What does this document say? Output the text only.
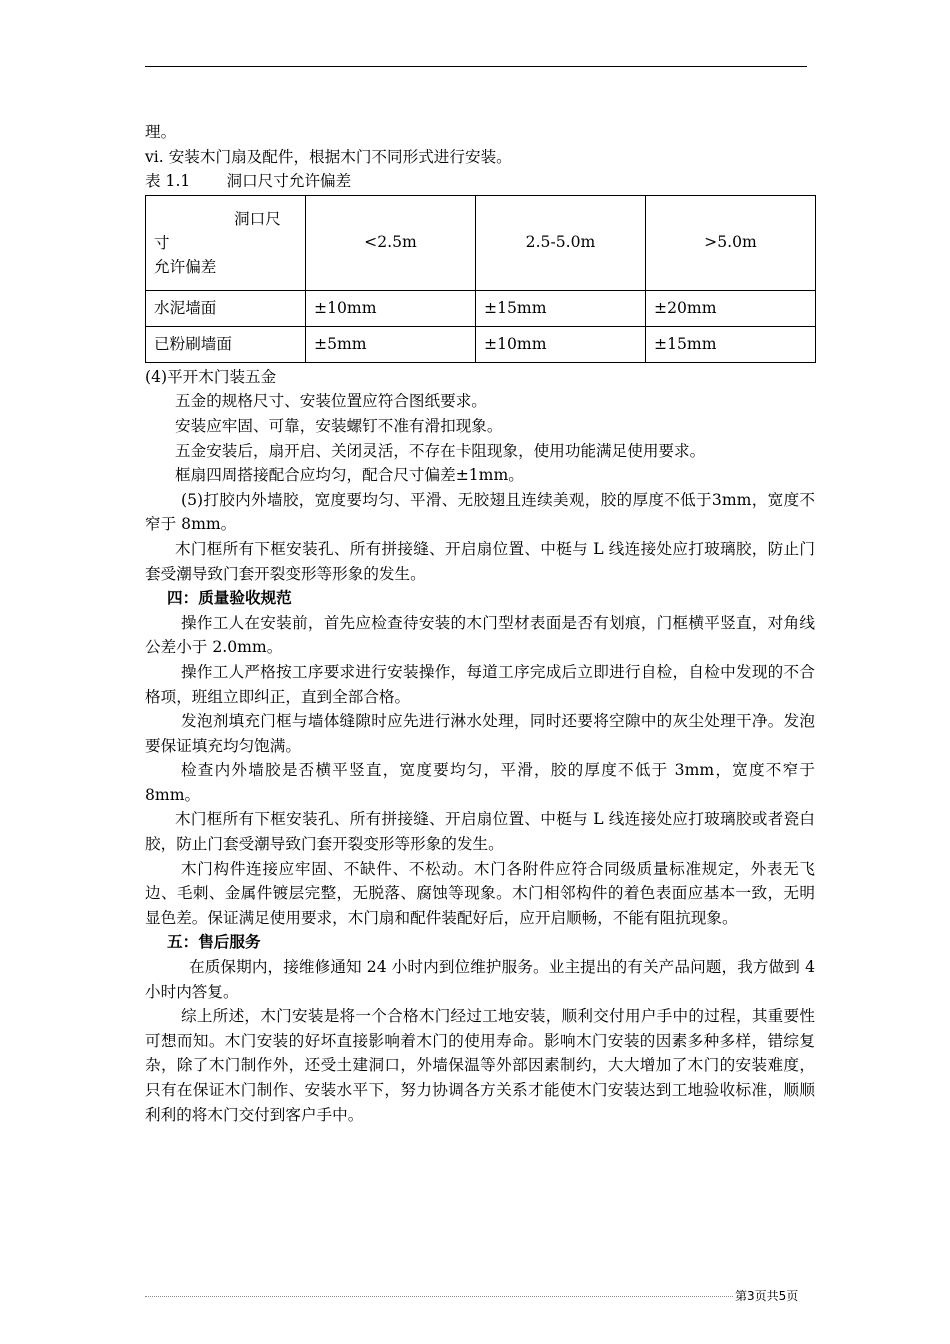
理。

vi. 安装木门扇及配件，根据木门不同形式进行安装。

表 1.1　　 洞口尺寸允许偏差

洞口尺
寸
允许偏差	<2.5m	2.5-5.0m	>5.0m
水泥墙面	±10mm	±15mm	±20mm
已粉刷墙面	±5mm	±10mm	±15mm

(4)平开木门装五金

五金的规格尺寸、安装位置应符合图纸要求。

安装应牢固、可靠，安装螺钉不准有滑扣现象。

五金安装后，扇开启、关闭灵活，不存在卡阻现象，使用功能满足使用要求。

框扇四周搭接配合应均匀，配合尺寸偏差±1mm。

(5)打胶内外墙胶，宽度要均匀、平滑、无胶翅且连续美观，胶的厚度不低于3mm，宽度不窄于 8mm。

木门框所有下框安装孔、所有拼接缝、开启扇位置、中梃与 L 线连接处应打玻璃胶，防止门套受潮导致门套开裂变形等形象的发生。

四：质量验收规范

操作工人在安装前，首先应检查待安装的木门型材表面是否有划痕，门框横平竖直，对角线公差小于 2.0mm。

操作工人严格按工序要求进行安装操作，每道工序完成后立即进行自检，自检中发现的不合格项，班组立即纠正，直到全部合格。

发泡剂填充门框与墙体缝隙时应先进行淋水处理，同时还要将空隙中的灰尘处理干净。发泡要保证填充均匀饱满。

检查内外墙胶是否横平竖直，宽度要均匀，平滑，胶的厚度不低于 3mm，宽度不窄于 8mm。

木门框所有下框安装孔、所有拼接缝、开启扇位置、中梃与 L 线连接处应打玻璃胶或者瓷白胶，防止门套受潮导致门套开裂变形等形象的发生。

木门构件连接应牢固、不缺件、不松动。木门各附件应符合同级质量标准规定，外表无飞边、毛刺、金属件镀层完整，无脱落、腐蚀等现象。木门相邻构件的着色表面应基本一致，无明显色差。保证满足使用要求，木门扇和配件装配好后，应开启顺畅，不能有阻抗现象。

五：售后服务

在质保期内，接维修通知 24 小时内到位维护服务。业主提出的有关产品问题，我方做到 4 小时内答复。

综上所述，木门安装是将一个合格木门经过工地安装，顺利交付用户手中的过程，其重要性可想而知。木门安装的好坏直接影响着木门的使用寿命。影响木门安装的因素多种多样，错综复杂，除了木门制作外，还受土建洞口，外墙保温等外部因素制约，大大增加了木门的安装难度，只有在保证木门制作、安装水平下，努力协调各方关系才能使木门安装达到工地验收标准，顺顺利利的将木门交付到客户手中。

第3页共5页
